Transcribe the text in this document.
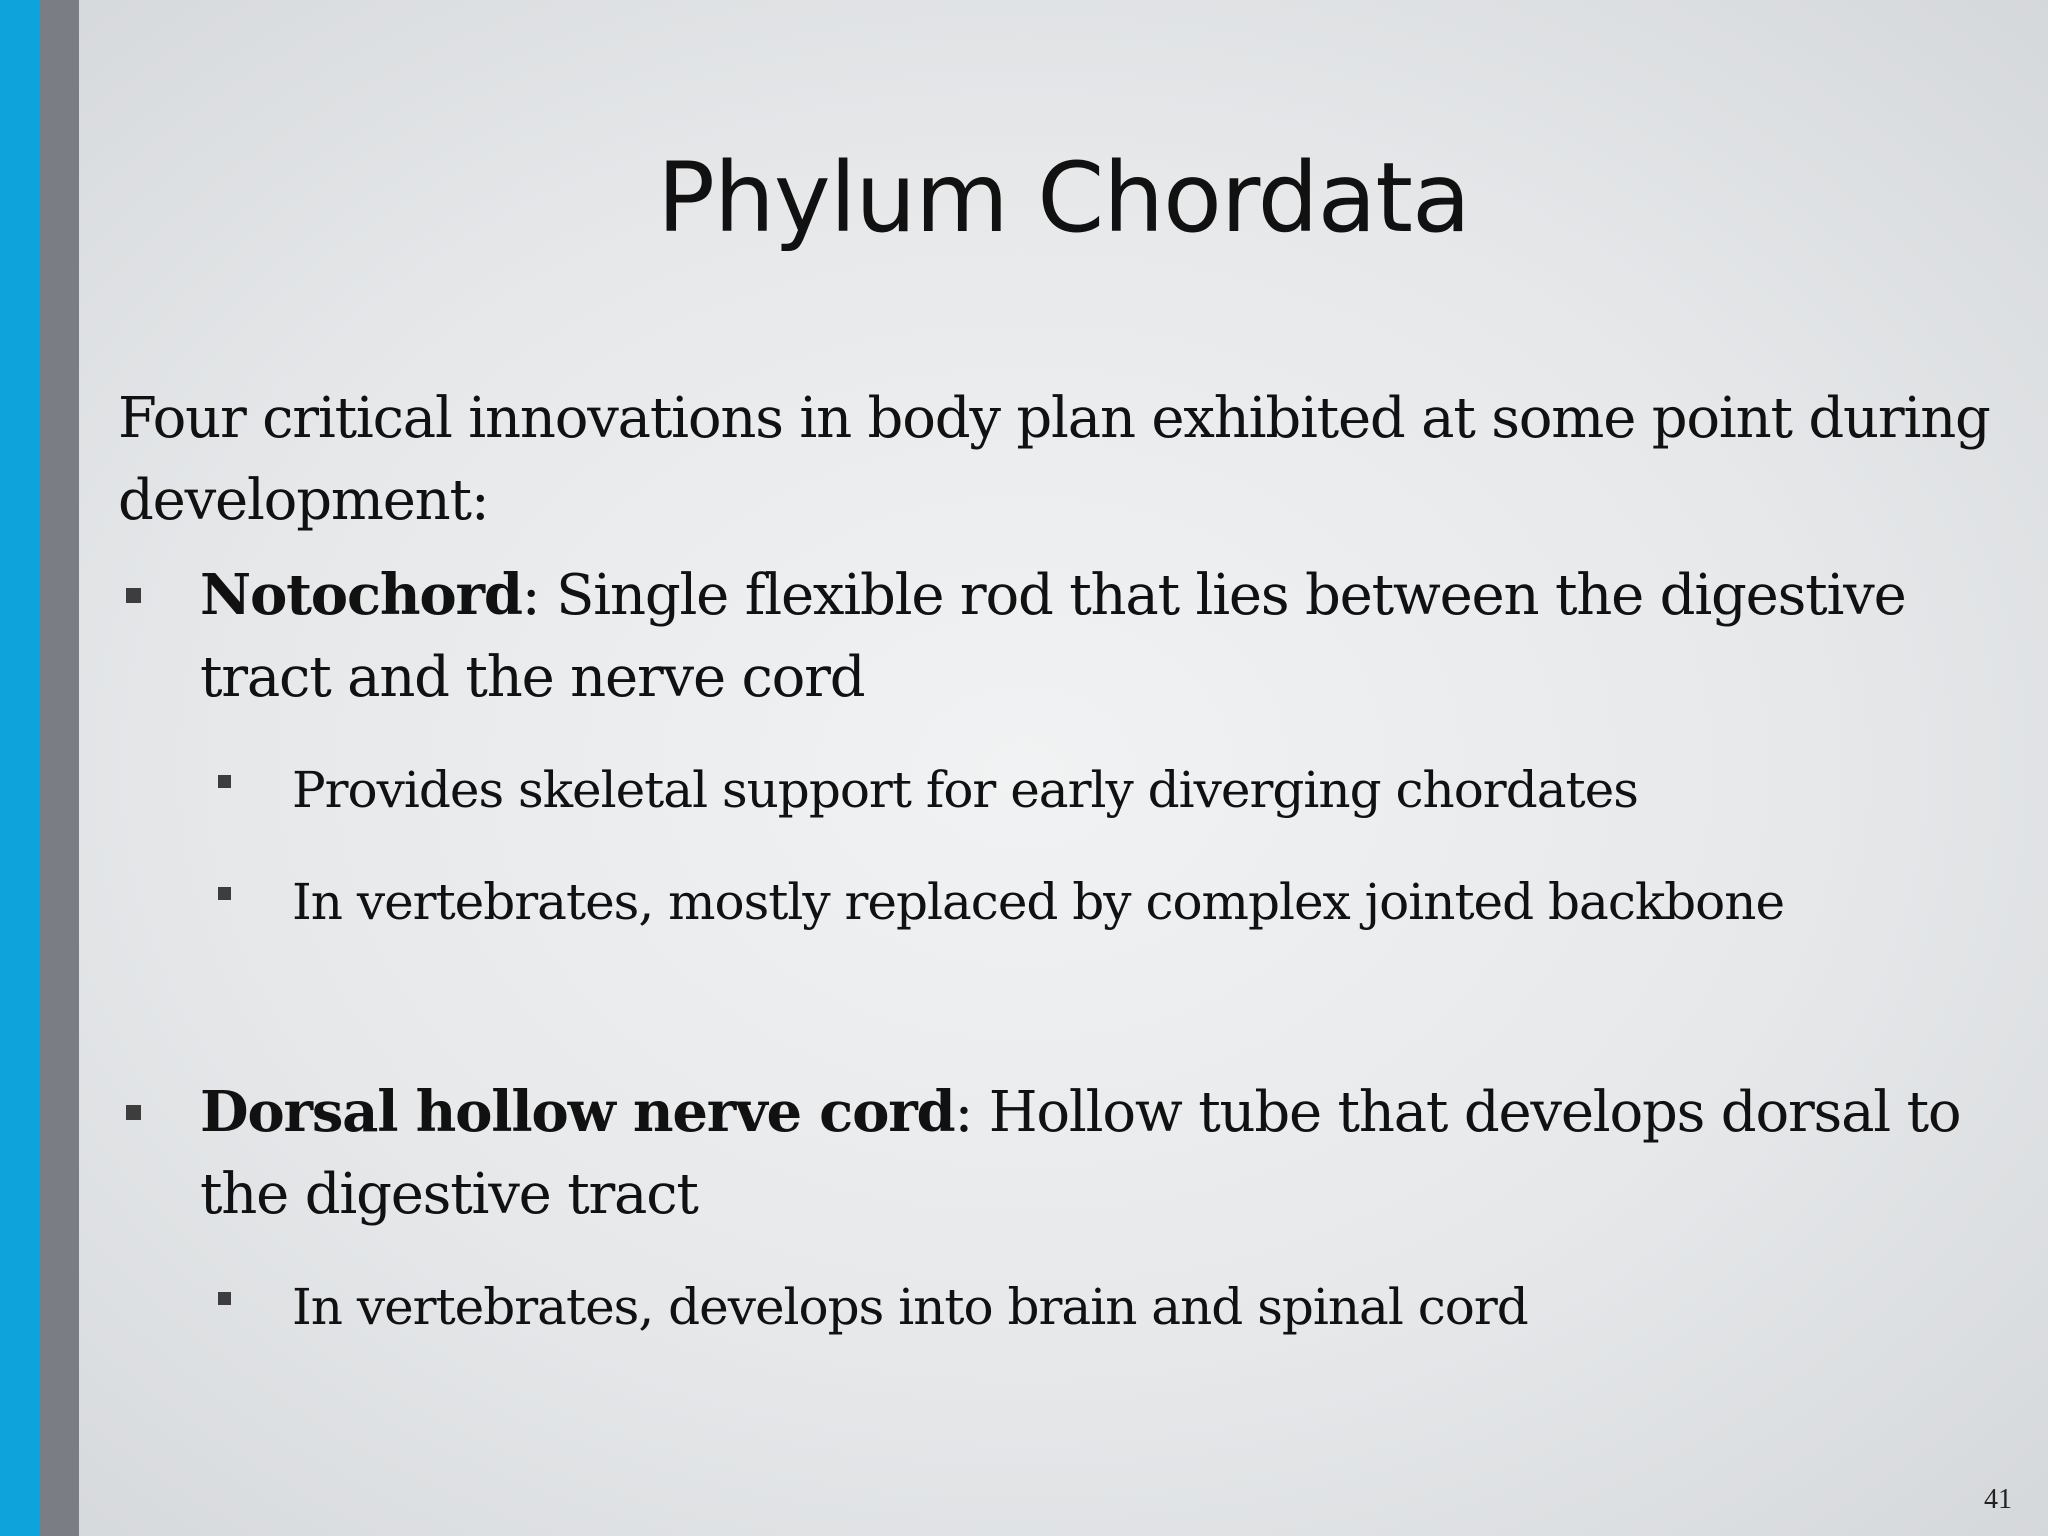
Phylum Chordata

Four critical innovations in body plan exhibited at some point during development:

Notochord: Single flexible rod that lies between the digestive tract and the nerve cord
Provides skeletal support for early diverging chordates
In vertebrates, mostly replaced by complex jointed backbone
Dorsal hollow nerve cord: Hollow tube that develops dorsal to the digestive tract
In vertebrates, develops into brain and spinal cord
41
